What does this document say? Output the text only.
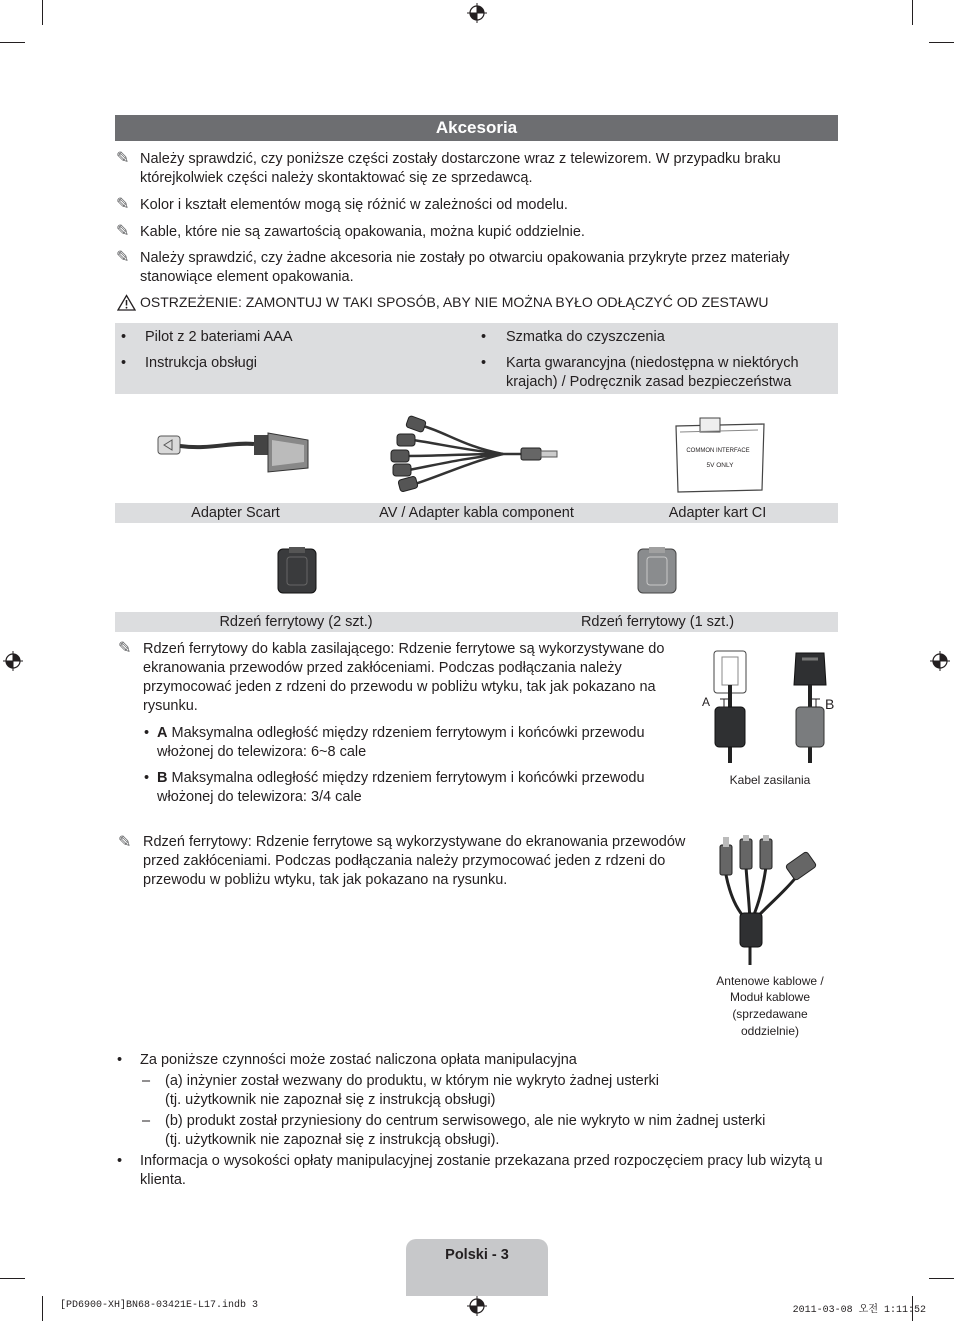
Akcesoria
✎ Należy sprawdzić, czy poniższe części zostały dostarczone wraz z telewizorem. W przypadku braku którejkolwiek części należy skontaktować się ze sprzedawcą.
✎ Kolor i kształt elementów mogą się różnić w zależności od modelu.
✎ Kable, które nie są zawartością opakowania, można kupić oddzielnie.
✎ Należy sprawdzić, czy żadne akcesoria nie zostały po otwarciu opakowania przykryte przez materiały stanowiące element opakowania.
OSTRZEŻENIE: ZAMONTUJ W TAKI SPOSÓB, ABY NIE MOŻNA BYŁO ODŁĄCZYĆ OD ZESTAWU
• Pilot z 2 bateriami AAA
• Instrukcja obsługi
• Szmatka do czyszczenia
• Karta gwarancyjna (niedostępna w niektórych krajach) / Podręcznik zasad bezpieczeństwa
COMMON INTERFACE
5V ONLY
Adapter Scart	AV / Adapter kabla component	Adapter kart CI
Rdzeń ferrytowy (2 szt.)	Rdzeń ferrytowy (1 szt.)
✎ Rdzeń ferrytowy do kabla zasilającego: Rdzenie ferrytowe są wykorzystywane do ekranowania przewodów przed zakłóceniami. Podczas podłączania należy przymocować jeden z rdzeni do przewodu w pobliżu wtyku, tak jak pokazano na rysunku.
• A Maksymalna odległość między rdzeniem ferrytowym i końcówki przewodu włożonej do telewizora: 6~8 cale
• B Maksymalna odległość między rdzeniem ferrytowym i końcówki przewodu włożonej do telewizora: 3/4 cale
A	B
Kabel zasilania
✎ Rdzeń ferrytowy: Rdzenie ferrytowe są wykorzystywane do ekranowania przewodów przed zakłóceniami. Podczas podłączania należy przymocować jeden z rdzeni do przewodu w pobliżu wtyku, tak jak pokazano na rysunku.
Antenowe kablowe /
Moduł kablowe
(sprzedawane
oddzielnie)
• Za poniższe czynności może zostać naliczona opłata manipulacyjna
– (a) inżynier został wezwany do produktu, w którym nie wykryto żadnej usterki
(tj. użytkownik nie zapoznał się z instrukcją obsługi)
– (b) produkt został przyniesiony do centrum serwisowego, ale nie wykryto w nim żadnej usterki
(tj. użytkownik nie zapoznał się z instrukcją obsługi).
• Informacja o wysokości opłaty manipulacyjnej zostanie przekazana przed rozpoczęciem pracy lub wizytą u klienta.
Polski - 3
[PD6900-XH]BN68-03421E-L17.indb 3	2011-03-08 오전 1:11:52
